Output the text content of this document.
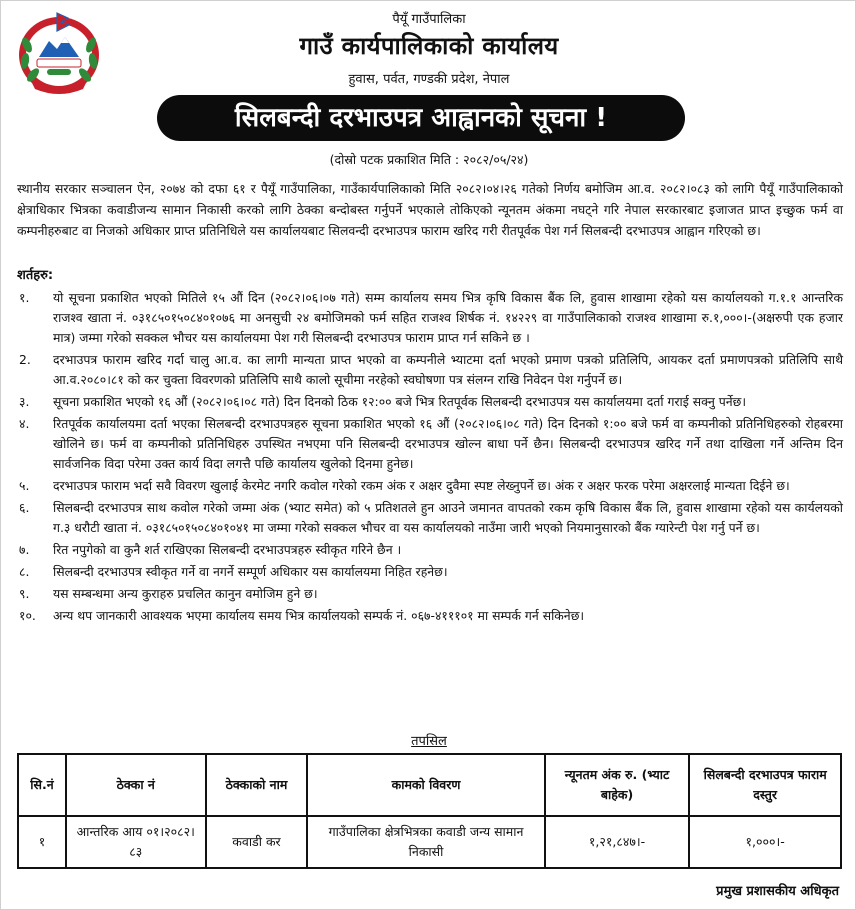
पैयूँ गाउँपालिका
गाउँ कार्यपालिकाको कार्यालय
हुवास, पर्वत, गण्डकी प्रदेश, नेपाल
सिलबन्दी दरभाउपत्र आह्वानको सूचना !
(दोस्रो पटक प्रकाशित मिति : २०८२/०५/२४)

स्थानीय सरकार सञ्चालन ऐन, २०७४ को दफा ६१ र पैयूँ गाउँपालिका, गाउँकार्यपालिकाको मिति २०८२।०४।२६ गतेको निर्णय बमोजिम आ.व. २०८२।०८३ को लागि पैयूँ गाउँपालिकाको क्षेत्राधिकार भित्रका कवाडीजन्य सामान निकासी करको लागि ठेक्का बन्दोबस्त गर्नुपर्ने भएकाले तोकिएको न्यूनतम अंकमा नघट्ने गरि नेपाल सरकारबाट इजाजत प्राप्त इच्छुक फर्म वा कम्पनीहरुबाट वा निजको अधिकार प्राप्त प्रतिनिधिले यस कार्यालयबाट सिलवन्दी दरभाउपत्र फाराम खरिद गरी रीतपूर्वक पेश गर्न सिलबन्दी दरभाउपत्र आह्वान गरिएको छ।

शर्तहरु:
१. यो सूचना प्रकाशित भएको मितिले १५ औं दिन (२०८२।०६।०७ गते) सम्म कार्यालय समय भित्र कृषि विकास बैंक लि, हुवास शाखामा रहेको यस कार्यालयको ग.१.१ आन्तरिक राजश्व खाता नं. ०३१८५०१५०८४०१०७६ मा अनसुची २४ बमोजिमको फर्म सहित राजश्व शिर्षक नं. १४२२९ वा गाउँपालिकाको राजश्व शाखामा रु.१,०००।-(अक्षरुपी एक हजार मात्र) जम्मा गरेको सक्कल भौचर यस कार्यालयमा पेश गरी सिलबन्दी दरभाउपत्र फाराम प्राप्त गर्न सकिने छ ।
2. दरभाउपत्र फाराम खरिद गर्दा चालु आ.व. का लागी मान्यता प्राप्त भएको वा कम्पनीले भ्याटमा दर्ता भएको प्रमाण पत्रको प्रतिलिपि, आयकर दर्ता प्रमाणपत्रको प्रतिलिपि साथै आ.व.२०८०।८१ को कर चुक्ता विवरणको प्रतिलिपि साथै कालो सूचीमा नरहेको स्वघोषणा पत्र संलग्न राखि निवेदन पेश गर्नुपर्ने छ।
३. सूचना प्रकाशित भएको १६ औं (२०८२।०६।०८ गते) दिन दिनको ठिक १२:०० बजे भित्र रितपूर्वक सिलबन्दी दरभाउपत्र यस कार्यालयमा दर्ता गराई सक्नु पर्नेछ।
४. रितपूर्वक कार्यालयमा दर्ता भएका सिलबन्दी दरभाउपत्रहरु सूचना प्रकाशित भएको १६ औं (२०८२।०६।०८ गते) दिन दिनको १:०० बजे फर्म वा कम्पनीको प्रतिनिधिहरुको रोहबरमा खोलिने छ। फर्म वा कम्पनीको प्रतिनिधिहरु उपस्थित नभएमा पनि सिलबन्दी दरभाउपत्र खोल्न बाधा पर्ने छैन। सिलबन्दी दरभाउपत्र खरिद गर्ने तथा दाखिला गर्ने अन्तिम दिन सार्वजनिक विदा परेमा उक्त कार्य विदा लगत्तै पछि कार्यालय खुलेको दिनमा हुनेछ।
५. दरभाउपत्र फाराम भर्दा सवै विवरण खुलाई केरमेट नगरि कवोल गरेको रकम अंक र अक्षर दुवैमा स्पष्ट लेख्नुपर्ने छ। अंक र अक्षर फरक परेमा अक्षरलाई मान्यता दिईने छ।
६. सिलबन्दी दरभाउपत्र साथ कवोल गरेको जम्मा अंक (भ्याट समेत) को ५ प्रतिशतले हुन आउने जमानत वापतको रकम कृषि विकास बैंक लि, हुवास शाखामा रहेको यस कार्यलयको ग.३ धरौटी खाता नं. ०३१८५०१५०८४०१०४१ मा जम्मा गरेको सक्कल भौचर वा यस कार्यालयको नाउँमा जारी भएको नियमानुसारको बैंक ग्यारेन्टी पेश गर्नु पर्ने छ।
७. रित नपुगेको वा कुनै शर्त राखिएका सिलबन्दी दरभाउपत्रहरु स्वीकृत गरिने छैन ।
८. सिलबन्दी दरभाउपत्र स्वीकृत गर्ने वा नगर्ने सम्पूर्ण अधिकार यस कार्यालयमा निहित रहनेछ।
९. यस सम्बन्धमा अन्य कुराहरु प्रचलित कानुन वमोजिम हुने छ।
१०. अन्य थप जानकारी आवश्यक भएमा कार्यालय समय भित्र कार्यालयको सम्पर्क नं. ०६७-४१११०१ मा सम्पर्क गर्न सकिनेछ।
तपसिल
सि.नं	ठेक्का नं	ठेक्काको नाम	कामको विवरण	न्यूनतम अंक रु. (भ्याट बाहेक)	सिलबन्दी दरभाउपत्र फाराम दस्तुर
१	आन्तरिक आय ०१।२०८२।८३	कवाडी कर	गाउँपालिका क्षेत्रभित्रका कवाडी जन्य सामान निकासी	१,२१,८४७।-	१,०००।-
प्रमुख प्रशासकीय अधिकृत
